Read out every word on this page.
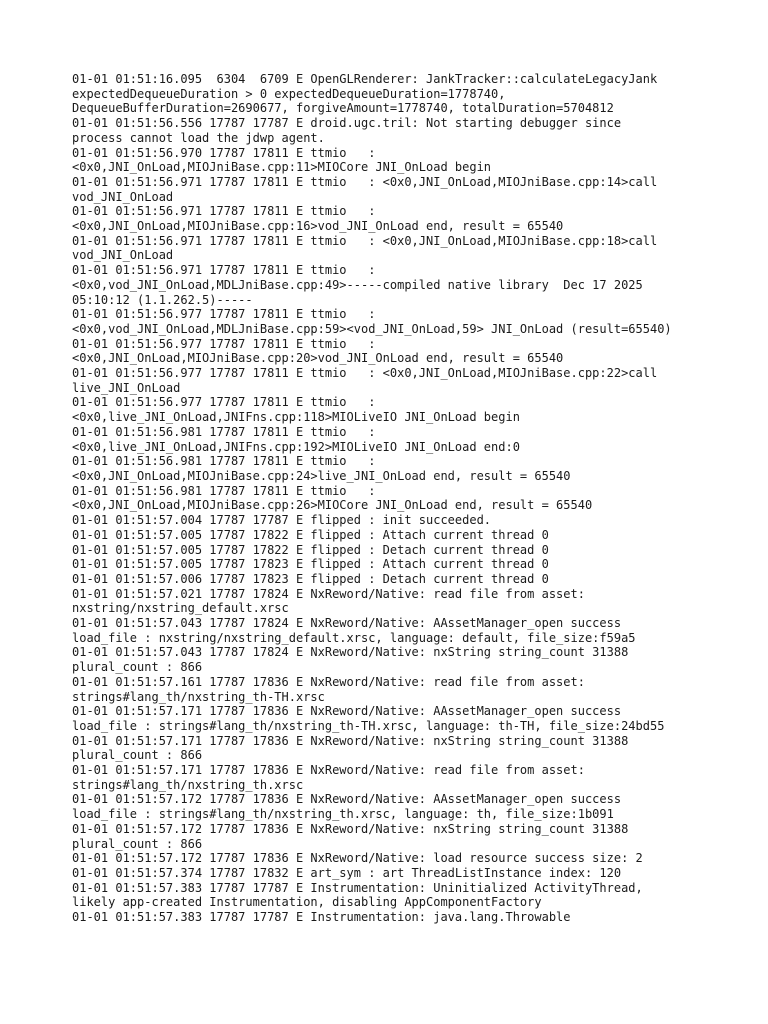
01-01 01:51:16.095  6304  6709 E OpenGLRenderer: JankTracker::calculateLegacyJank
expectedDequeueDuration > 0 expectedDequeueDuration=1778740,
DequeueBufferDuration=2690677, forgiveAmount=1778740, totalDuration=5704812
01-01 01:51:56.556 17787 17787 E droid.ugc.tril: Not starting debugger since
process cannot load the jdwp agent.
01-01 01:51:56.970 17787 17811 E ttmio   :
<0x0,JNI_OnLoad,MIOJniBase.cpp:11>MIOCore JNI_OnLoad begin
01-01 01:51:56.971 17787 17811 E ttmio   : <0x0,JNI_OnLoad,MIOJniBase.cpp:14>call
vod_JNI_OnLoad
01-01 01:51:56.971 17787 17811 E ttmio   :
<0x0,JNI_OnLoad,MIOJniBase.cpp:16>vod_JNI_OnLoad end, result = 65540
01-01 01:51:56.971 17787 17811 E ttmio   : <0x0,JNI_OnLoad,MIOJniBase.cpp:18>call
vod_JNI_OnLoad
01-01 01:51:56.971 17787 17811 E ttmio   :
<0x0,vod_JNI_OnLoad,MDLJniBase.cpp:49>-----compiled native library  Dec 17 2025
05:10:12 (1.1.262.5)-----
01-01 01:51:56.977 17787 17811 E ttmio   :
<0x0,vod_JNI_OnLoad,MDLJniBase.cpp:59><vod_JNI_OnLoad,59> JNI_OnLoad (result=65540)
01-01 01:51:56.977 17787 17811 E ttmio   :
<0x0,JNI_OnLoad,MIOJniBase.cpp:20>vod_JNI_OnLoad end, result = 65540
01-01 01:51:56.977 17787 17811 E ttmio   : <0x0,JNI_OnLoad,MIOJniBase.cpp:22>call
live_JNI_OnLoad
01-01 01:51:56.977 17787 17811 E ttmio   :
<0x0,live_JNI_OnLoad,JNIFns.cpp:118>MIOLiveIO JNI_OnLoad begin
01-01 01:51:56.981 17787 17811 E ttmio   :
<0x0,live_JNI_OnLoad,JNIFns.cpp:192>MIOLiveIO JNI_OnLoad end:0
01-01 01:51:56.981 17787 17811 E ttmio   :
<0x0,JNI_OnLoad,MIOJniBase.cpp:24>live_JNI_OnLoad end, result = 65540
01-01 01:51:56.981 17787 17811 E ttmio   :
<0x0,JNI_OnLoad,MIOJniBase.cpp:26>MIOCore JNI_OnLoad end, result = 65540
01-01 01:51:57.004 17787 17787 E flipped : init succeeded.
01-01 01:51:57.005 17787 17822 E flipped : Attach current thread 0
01-01 01:51:57.005 17787 17822 E flipped : Detach current thread 0
01-01 01:51:57.005 17787 17823 E flipped : Attach current thread 0
01-01 01:51:57.006 17787 17823 E flipped : Detach current thread 0
01-01 01:51:57.021 17787 17824 E NxReword/Native: read file from asset:
nxstring/nxstring_default.xrsc
01-01 01:51:57.043 17787 17824 E NxReword/Native: AAssetManager_open success
load_file : nxstring/nxstring_default.xrsc, language: default, file_size:f59a5
01-01 01:51:57.043 17787 17824 E NxReword/Native: nxString string_count 31388
plural_count : 866
01-01 01:51:57.161 17787 17836 E NxReword/Native: read file from asset:
strings#lang_th/nxstring_th-TH.xrsc
01-01 01:51:57.171 17787 17836 E NxReword/Native: AAssetManager_open success
load_file : strings#lang_th/nxstring_th-TH.xrsc, language: th-TH, file_size:24bd55
01-01 01:51:57.171 17787 17836 E NxReword/Native: nxString string_count 31388
plural_count : 866
01-01 01:51:57.171 17787 17836 E NxReword/Native: read file from asset:
strings#lang_th/nxstring_th.xrsc
01-01 01:51:57.172 17787 17836 E NxReword/Native: AAssetManager_open success
load_file : strings#lang_th/nxstring_th.xrsc, language: th, file_size:1b091
01-01 01:51:57.172 17787 17836 E NxReword/Native: nxString string_count 31388
plural_count : 866
01-01 01:51:57.172 17787 17836 E NxReword/Native: load resource success size: 2
01-01 01:51:57.374 17787 17832 E art_sym : art ThreadListInstance index: 120
01-01 01:51:57.383 17787 17787 E Instrumentation: Uninitialized ActivityThread,
likely app-created Instrumentation, disabling AppComponentFactory
01-01 01:51:57.383 17787 17787 E Instrumentation: java.lang.Throwable
